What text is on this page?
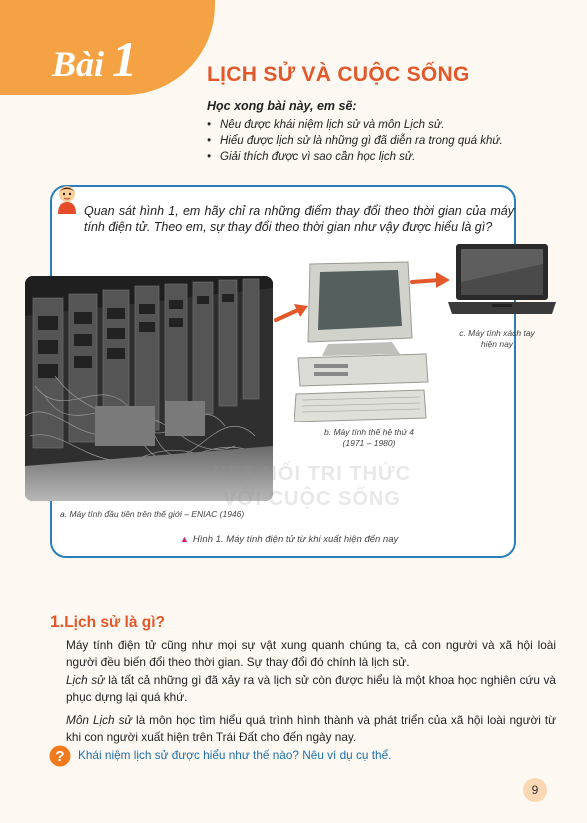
Bài 1	LỊCH SỬ VÀ CUỘC SỐNG
Học xong bài này, em sẽ:
• Nêu được khái niệm lịch sử và môn Lịch sử.
• Hiểu được lịch sử là những gì đã diễn ra trong quá khứ.
• Giải thích được vì sao cần học lịch sử.
Quan sát hình 1, em hãy chỉ ra những điểm thay đổi theo thời gian của máy tính điện tử. Theo em, sự thay đổi theo thời gian như vậy được hiểu là gì?
a. Máy tính đầu tiên trên thế giới – ENIAC (1946)
b. Máy tính thế hệ thứ 4
(1971 – 1980)
c. Máy tính xách tay
hiện nay
KẾT NỐI TRI THỨC
VỚI CUỘC SỐNG
▲ Hình 1. Máy tính điện tử từ khi xuất hiện đến nay
1.Lịch sử là gì?
Máy tính điện tử cũng như mọi sự vật xung quanh chúng ta, cả con người và xã hội loài người đều biến đổi theo thời gian. Sự thay đổi đó chính là lịch sử.
Lịch sử là tất cả những gì đã xảy ra và lịch sử còn được hiểu là một khoa học nghiên cứu và phục dựng lại quá khứ.
Môn Lịch sử là môn học tìm hiểu quá trình hình thành và phát triển của xã hội loài người từ khi con người xuất hiện trên Trái Đất cho đến ngày nay.
? Khái niệm lịch sử được hiểu như thế nào? Nêu ví dụ cụ thể.
9
